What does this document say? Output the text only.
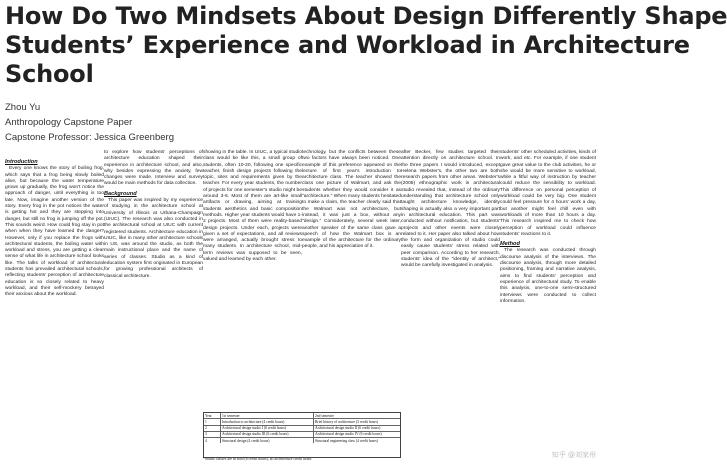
How Do Two Mindsets About Design Differently Shape
Students’ Experience and Workload in Architecture
School
Zhou Yu
Anthropology Capstone Paper
Capstone Professor: Jessica Greenberg
Introduction

Every one knows the story of boiling frog, which says that a frog being slowly boiled alive, but because the water temperature grows up gradually, the frog won't notice the approach of danger, until everything is too late. Now, imagine another version of the story. Every frog in the pot notices the water is getting hot and they are stepping into danger, but still no frog is jumping off the pot. This sounds weird. How could frog stay in pot when when they have learned the danger? However, only if you replace the frogs with architectural students, the boiling water with workload and stress, you are getting a clear sense of what life in architecture school looks like. The talks of workload of architectural students has prevailed architectural schools, reflecting students' perception of architecture education is so closely related to heavy workload, and their self-mockery betrayed their anxious about the workload.

to explore how students' perceptions of architecture education shaped their experience in architecture school, and also, why besides expressing the anxiety, few changes were made. Interview and survey would be main methods for data collection.

Background

This paper was inspired by my experience of studying in the architecture school at University of Illinois at Urbana-Champaign (UIUC). The research was also conducted in the architectural school at UIUC with current registered students. Architecture education in UIUC, like in many other architecture schools in US, was around the studio, as both the main instructional place and the name of series of classes. Studio as a kind of education system first originated in European for growing professional architects of classical architecture.

showing in the table. In UIUC, a typical studio class would be like this, a small group of students, often 10-20, following one specific teacher, finish design projects following the topic, sites and requirements given by the teacher. For every year students, the number of projects for one semester's studio might be around 3-6. Most of them are art-like small artifacts or drawing, aiming at training students aesthetics and basic composition methods. Higher year students would have 1-2 projects. Most of them were reality-based design projects. Under each, projects were given a set of expectations, and all reviews were arranged, actually brought stress to many students. In architecture school, mid-term reviews was supposed to be seen, valued and learned by each other.

technology, but the conflicts between these two factors have always been noticed. One example of this preference appeared on the lecture of first year's introduction to architecture class. The teacher showed the class one picture of Walmart, and ask the students whether they would consider it as "architecture." When many students hesitated to make a claim, the teacher clearly said that the Walmart was not architecture, but instead, it was just a box, without any "design." Considerately, several week later, another speaker of the same class gave a speech of how the Walmart box is an example of the architecture for the ordinary people, and his appreciation of it.

after Becker, few studies targeted their attention directly on architecture school. In the three papers I would introduced, except Helena Webster's, the other two are both research papers from other areas. Webster's (2005) ethnographic work in architectural studio revealed that, instead of the ordinary understanding that architecture school only taught architecture knowledge, identity shaping is actually also a very important part in architectural education. This part was conducted without notification, but students' projects and other events were closely related to it. Her paper also talked about how the form and organization of studio could easily cause students' stress related with peer comparison. According to her research, students' idea of the "identity of architect," would be carefully investigated in analysis.

students' other scheduled activities, kinds of work, and etc. For example, if one student gave great value to the club activities, he or she would be more sensitive to workload, while a fitful way of instruction by teacher could reduce the sensibility to workload. This difference on personal perception of workload could be very big. One student could feel pressure for 4 hours' work a day, but another might feel chill even with workloads of more than 10 hours a day. This research inspired me to check how perception of workload could influence students' reactions to it.

Method

The research was conducted through discourse analysis of the interviews. The discourse analysis, through more detailed positioning, framing and narrative analysis, aims to find students' perception and experience of architectural study. To enable this analysis, one-to-one semi-structured interviews were conducted to collect information.

Year	1st semester	2nd semester
1	Introduction to architecture (4 credit hours)	Brief history of architecture (3 credit hours)
2	Architectural design studio I (6 credit hours)	Architectural design studio II (6 credit hours)
3	Architectural design studio III (6 credit hours)	Architectural design studio IV (6 credit hours)
4	Structural design (4 credit hours)	Structural engineering class (4 credit hours)
*Studio classes are in bold (6 credit hours), all architecture credit hours	知乎 @刘家州
